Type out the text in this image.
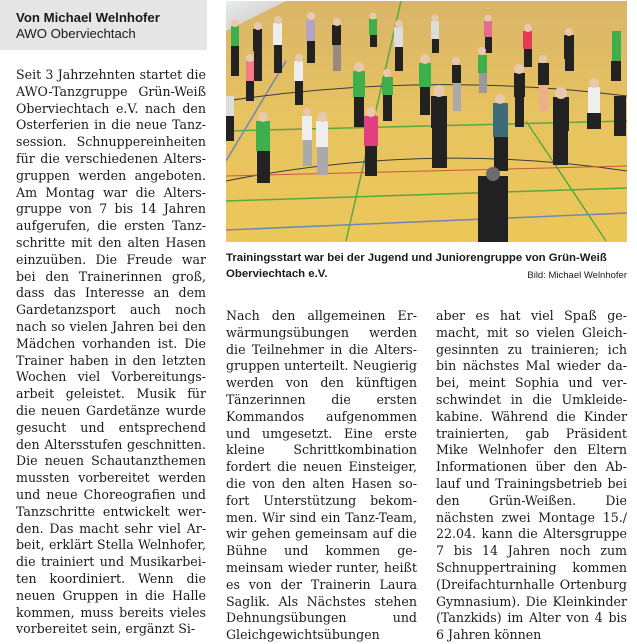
Von Michael Welnhofer
AWO Oberviechtach

Seit 3 Jahrzehnten startet die AWO-Tanzgruppe Grün-Weiß Oberviechtach e.V. nach den Osterferien in die neue Tanzsession. Schnuppereinheiten für die verschiedenen Altersgruppen werden angeboten. Am Montag war die Altersgruppe von 7 bis 14 Jahren aufgerufen, die ersten Tanzschritte mit den alten Hasen einzuüben. Die Freude war bei den Trainerinnen groß, dass das Interesse an dem Gardetanzsport auch noch nach so vielen Jahren bei den Mädchen vorhanden ist. Die Trainer haben in den letzten Wochen viel Vorbereitungsarbeit geleistet. Musik für die neuen Gardetänze wurde gesucht und entsprechend den Altersstufen geschnitten. Die neuen Schautanzthemen mussten vorbereitet werden und neue Choreografien und Tanzschritte entwickelt werden. Das macht sehr viel Arbeit, erklärt Stella Welnhofer, die trainiert und Musikarbeiten koordiniert. Wenn die neuen Gruppen in die Halle kommen, muss bereits vieles vorbereitet sein, ergänzt Si-

Trainingsstart war bei der Jugend und Juniorengruppe von Grün-Weiß Oberviechtach e.V.	Bild: Michael Welnhofer

Nach den allgemeinen Erwärmungsübungen werden die Teilnehmer in die Altersgruppen unterteilt. Neugierig werden von den künftigen Tänzerinnen die ersten Kommandos aufgenommen und umgesetzt. Eine erste kleine Schrittkombination fordert die neuen Einsteiger, die von den alten Hasen sofort Unterstützung bekommen. Wir sind ein Tanz-Team, wir gehen gemeinsam auf die Bühne und kommen gemeinsam wieder runter, heißt es von der Trainerin Laura Saglik. Als Nächstes stehen Dehnungsübungen und Gleichgewichtsübungen

aber es hat viel Spaß gemacht, mit so vielen Gleichgesinnten zu trainieren; ich bin nächstes Mal wieder dabei, meint Sophia und verschwindet in die Umkleidekabine. Während die Kinder trainierten, gab Präsident Mike Welnhofer den Eltern Informationen über den Ablauf und Trainingsbetrieb bei den Grün-Weißen. Die nächsten zwei Montage 15./ 22.04. kann die Altersgruppe 7 bis 14 Jahren noch zum Schnuppertraining kommen (Dreifachturnhalle Ortenburg Gymnasium). Die Kleinkinder (Tanzkids) im Alter von 4 bis 6 Jahren können
